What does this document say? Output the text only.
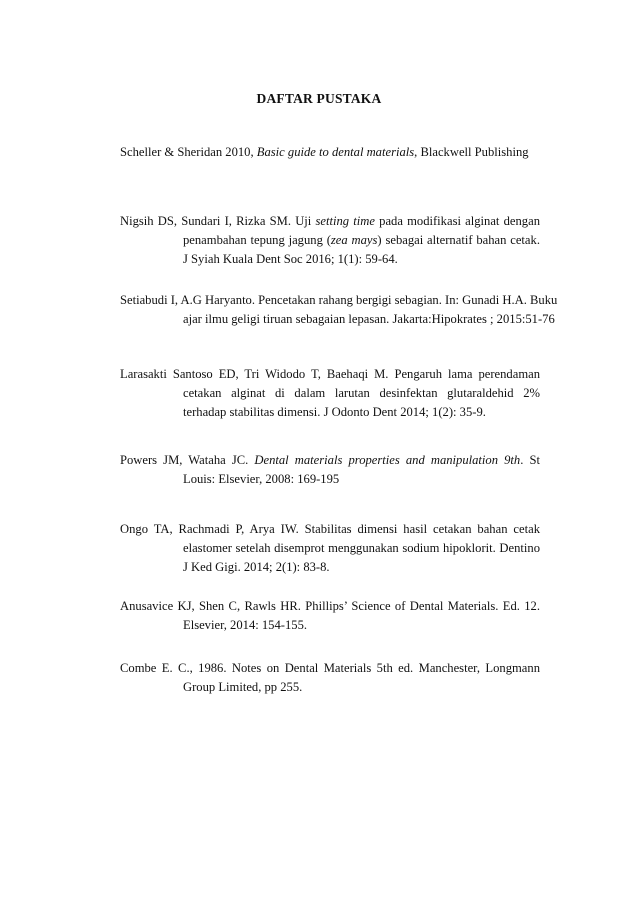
DAFTAR PUSTAKA
Scheller & Sheridan 2010, Basic guide to dental materials, Blackwell Publishing
Nigsih DS, Sundari I, Rizka SM. Uji setting time pada modifikasi alginat dengan
penambahan tepung jagung (zea mays) sebagai alternatif bahan cetak.
J Syiah Kuala Dent Soc 2016; 1(1): 59-64.
Setiabudi I, A.G Haryanto. Pencetakan rahang bergigi sebagian. In: Gunadi H.A. Buku
ajar ilmu geligi tiruan sebagaian lepasan. Jakarta:Hipokrates ; 2015:51-76
Larasakti Santoso ED, Tri Widodo T, Baehaqi M. Pengaruh lama perendaman
cetakan alginat di dalam larutan desinfektan glutaraldehid 2%
terhadap stabilitas dimensi. J Odonto Dent 2014; 1(2): 35-9.
Powers JM, Wataha JC. Dental materials properties and manipulation 9th. St
Louis: Elsevier, 2008: 169-195
Ongo TA, Rachmadi P, Arya IW. Stabilitas dimensi hasil cetakan bahan cetak
elastomer setelah disemprot menggunakan sodium hipoklorit. Dentino
J Ked Gigi. 2014; 2(1): 83-8.
Anusavice KJ, Shen C, Rawls HR. Phillips’ Science of Dental Materials. Ed. 12.
Elsevier, 2014: 154-155.
Combe E. C., 1986. Notes on Dental Materials 5th ed. Manchester, Longmann
Group Limited, pp 255.
